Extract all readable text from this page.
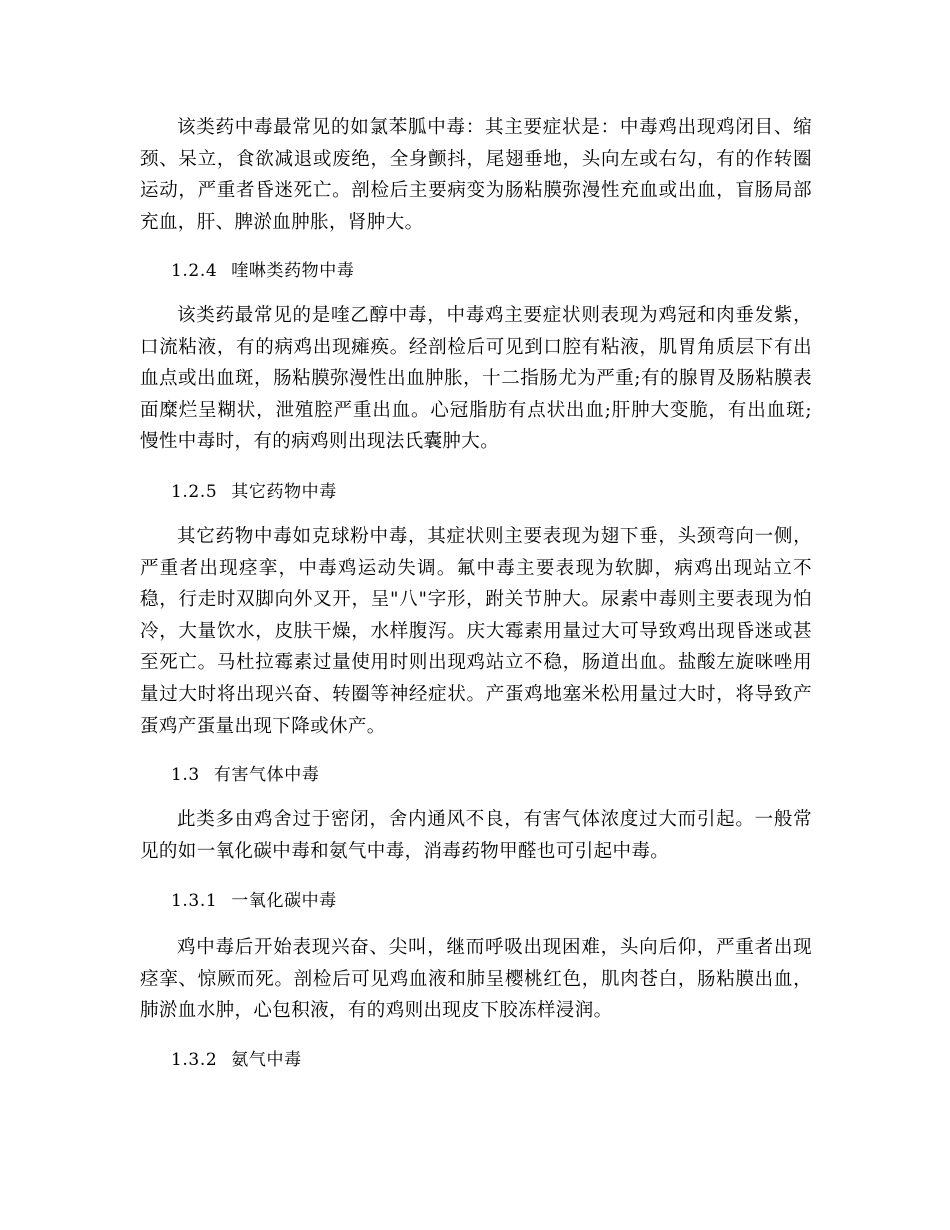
该类药中毒最常见的如氯苯胍中毒：其主要症状是：中毒鸡出现鸡闭目、缩颈、呆立，食欲减退或废绝，全身颤抖，尾翅垂地，头向左或右勾，有的作转圈运动，严重者昏迷死亡。剖检后主要病变为肠粘膜弥漫性充血或出血，盲肠局部充血，肝、脾淤血肿胀，肾肿大。

1.2.4 喹啉类药物中毒

该类药最常见的是喹乙醇中毒，中毒鸡主要症状则表现为鸡冠和肉垂发紫，口流粘液，有的病鸡出现瘫痪。经剖检后可见到口腔有粘液，肌胃角质层下有出血点或出血斑，肠粘膜弥漫性出血肿胀，十二指肠尤为严重;有的腺胃及肠粘膜表面糜烂呈糊状，泄殖腔严重出血。心冠脂肪有点状出血;肝肿大变脆，有出血斑;慢性中毒时，有的病鸡则出现法氏囊肿大。

1.2.5 其它药物中毒

其它药物中毒如克球粉中毒，其症状则主要表现为翅下垂，头颈弯向一侧，严重者出现痉挛，中毒鸡运动失调。氟中毒主要表现为软脚，病鸡出现站立不稳，行走时双脚向外叉开，呈"八"字形，跗关节肿大。尿素中毒则主要表现为怕冷，大量饮水，皮肤干燥，水样腹泻。庆大霉素用量过大可导致鸡出现昏迷或甚至死亡。马杜拉霉素过量使用时则出现鸡站立不稳，肠道出血。盐酸左旋咪唑用量过大时将出现兴奋、转圈等神经症状。产蛋鸡地塞米松用量过大时，将导致产蛋鸡产蛋量出现下降或休产。

1.3 有害气体中毒

此类多由鸡舍过于密闭，舍内通风不良，有害气体浓度过大而引起。一般常见的如一氧化碳中毒和氨气中毒，消毒药物甲醛也可引起中毒。

1.3.1 一氧化碳中毒

鸡中毒后开始表现兴奋、尖叫，继而呼吸出现困难，头向后仰，严重者出现痉挛、惊厥而死。剖检后可见鸡血液和肺呈樱桃红色，肌肉苍白，肠粘膜出血，肺淤血水肿，心包积液，有的鸡则出现皮下胶冻样浸润。

1.3.2 氨气中毒
